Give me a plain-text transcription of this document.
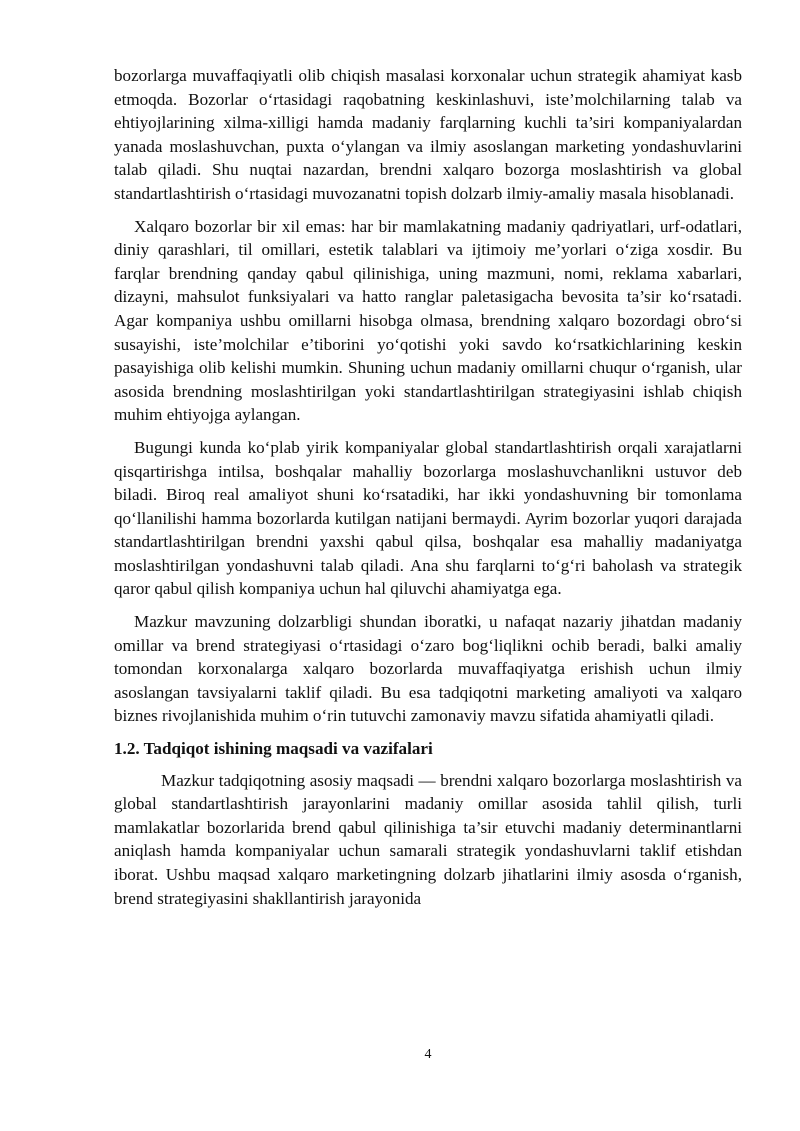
bozorlarga muvaffaqiyatli olib chiqish masalasi korxonalar uchun strategik ahamiyat kasb etmoqda. Bozorlar o‘rtasidagi raqobatning keskinlashuvi, iste’molchilarning talab va ehtiyojlarining xilma-xilligi hamda madaniy farqlarning kuchli ta’siri kompaniyalardan yanada moslashuvchan, puxta o‘ylangan va ilmiy asoslangan marketing yondashuvlarini talab qiladi. Shu nuqtai nazardan, brendni xalqaro bozorga moslashtirish va global standartlashtirish o‘rtasidagi muvozanatni topish dolzarb ilmiy-amaliy masala hisoblanadi.

Xalqaro bozorlar bir xil emas: har bir mamlakatning madaniy qadriyatlari, urf-odatlari, diniy qarashlari, til omillari, estetik talablari va ijtimoiy me’yorlari o‘ziga xosdir. Bu farqlar brendning qanday qabul qilinishiga, uning mazmuni, nomi, reklama xabarlari, dizayni, mahsulot funksiyalari va hatto ranglar paletasigacha bevosita ta’sir ko‘rsatadi. Agar kompaniya ushbu omillarni hisobga olmasa, brendning xalqaro bozordagi obro‘si susayishi, iste’molchilar e’tiborini yo‘qotishi yoki savdo ko‘rsatkichlarining keskin pasayishiga olib kelishi mumkin. Shuning uchun madaniy omillarni chuqur o‘rganish, ular asosida brendning moslashtirilgan yoki standartlashtirilgan strategiyasini ishlab chiqish muhim ehtiyojga aylangan.

Bugungi kunda ko‘plab yirik kompaniyalar global standartlashtirish orqali xarajatlarni qisqartirishga intilsa, boshqalar mahalliy bozorlarga moslashuvchanlikni ustuvor deb biladi. Biroq real amaliyot shuni ko‘rsatadiki, har ikki yondashuvning bir tomonlama qo‘llanilishi hamma bozorlarda kutilgan natijani bermaydi. Ayrim bozorlar yuqori darajada standartlashtirilgan brendni yaxshi qabul qilsa, boshqalar esa mahalliy madaniyatga moslashtirilgan yondashuvni talab qiladi. Ana shu farqlarni to‘g‘ri baholash va strategik qaror qabul qilish kompaniya uchun hal qiluvchi ahamiyatga ega.

Mazkur mavzuning dolzarbligi shundan iboratki, u nafaqat nazariy jihatdan madaniy omillar va brend strategiyasi o‘rtasidagi o‘zaro bog‘liqlikni ochib beradi, balki amaliy tomondan korxonalarga xalqaro bozorlarda muvaffaqiyatga erishish uchun ilmiy asoslangan tavsiyalarni taklif qiladi. Bu esa tadqiqotni marketing amaliyoti va xalqaro biznes rivojlanishida muhim o‘rin tutuvchi zamonaviy mavzu sifatida ahamiyatli qiladi.

1.2. Tadqiqot ishining maqsadi va vazifalari

Mazkur tadqiqotning asosiy maqsadi — brendni xalqaro bozorlarga moslashtirish va global standartlashtirish jarayonlarini madaniy omillar asosida tahlil qilish, turli mamlakatlar bozorlarida brend qabul qilinishiga ta’sir etuvchi madaniy determinantlarni aniqlash hamda kompaniyalar uchun samarali strategik yondashuvlarni taklif etishdan iborat. Ushbu maqsad xalqaro marketingning dolzarb jihatlarini ilmiy asosda o‘rganish, brend strategiyasini shakllantirish jarayonida

4
